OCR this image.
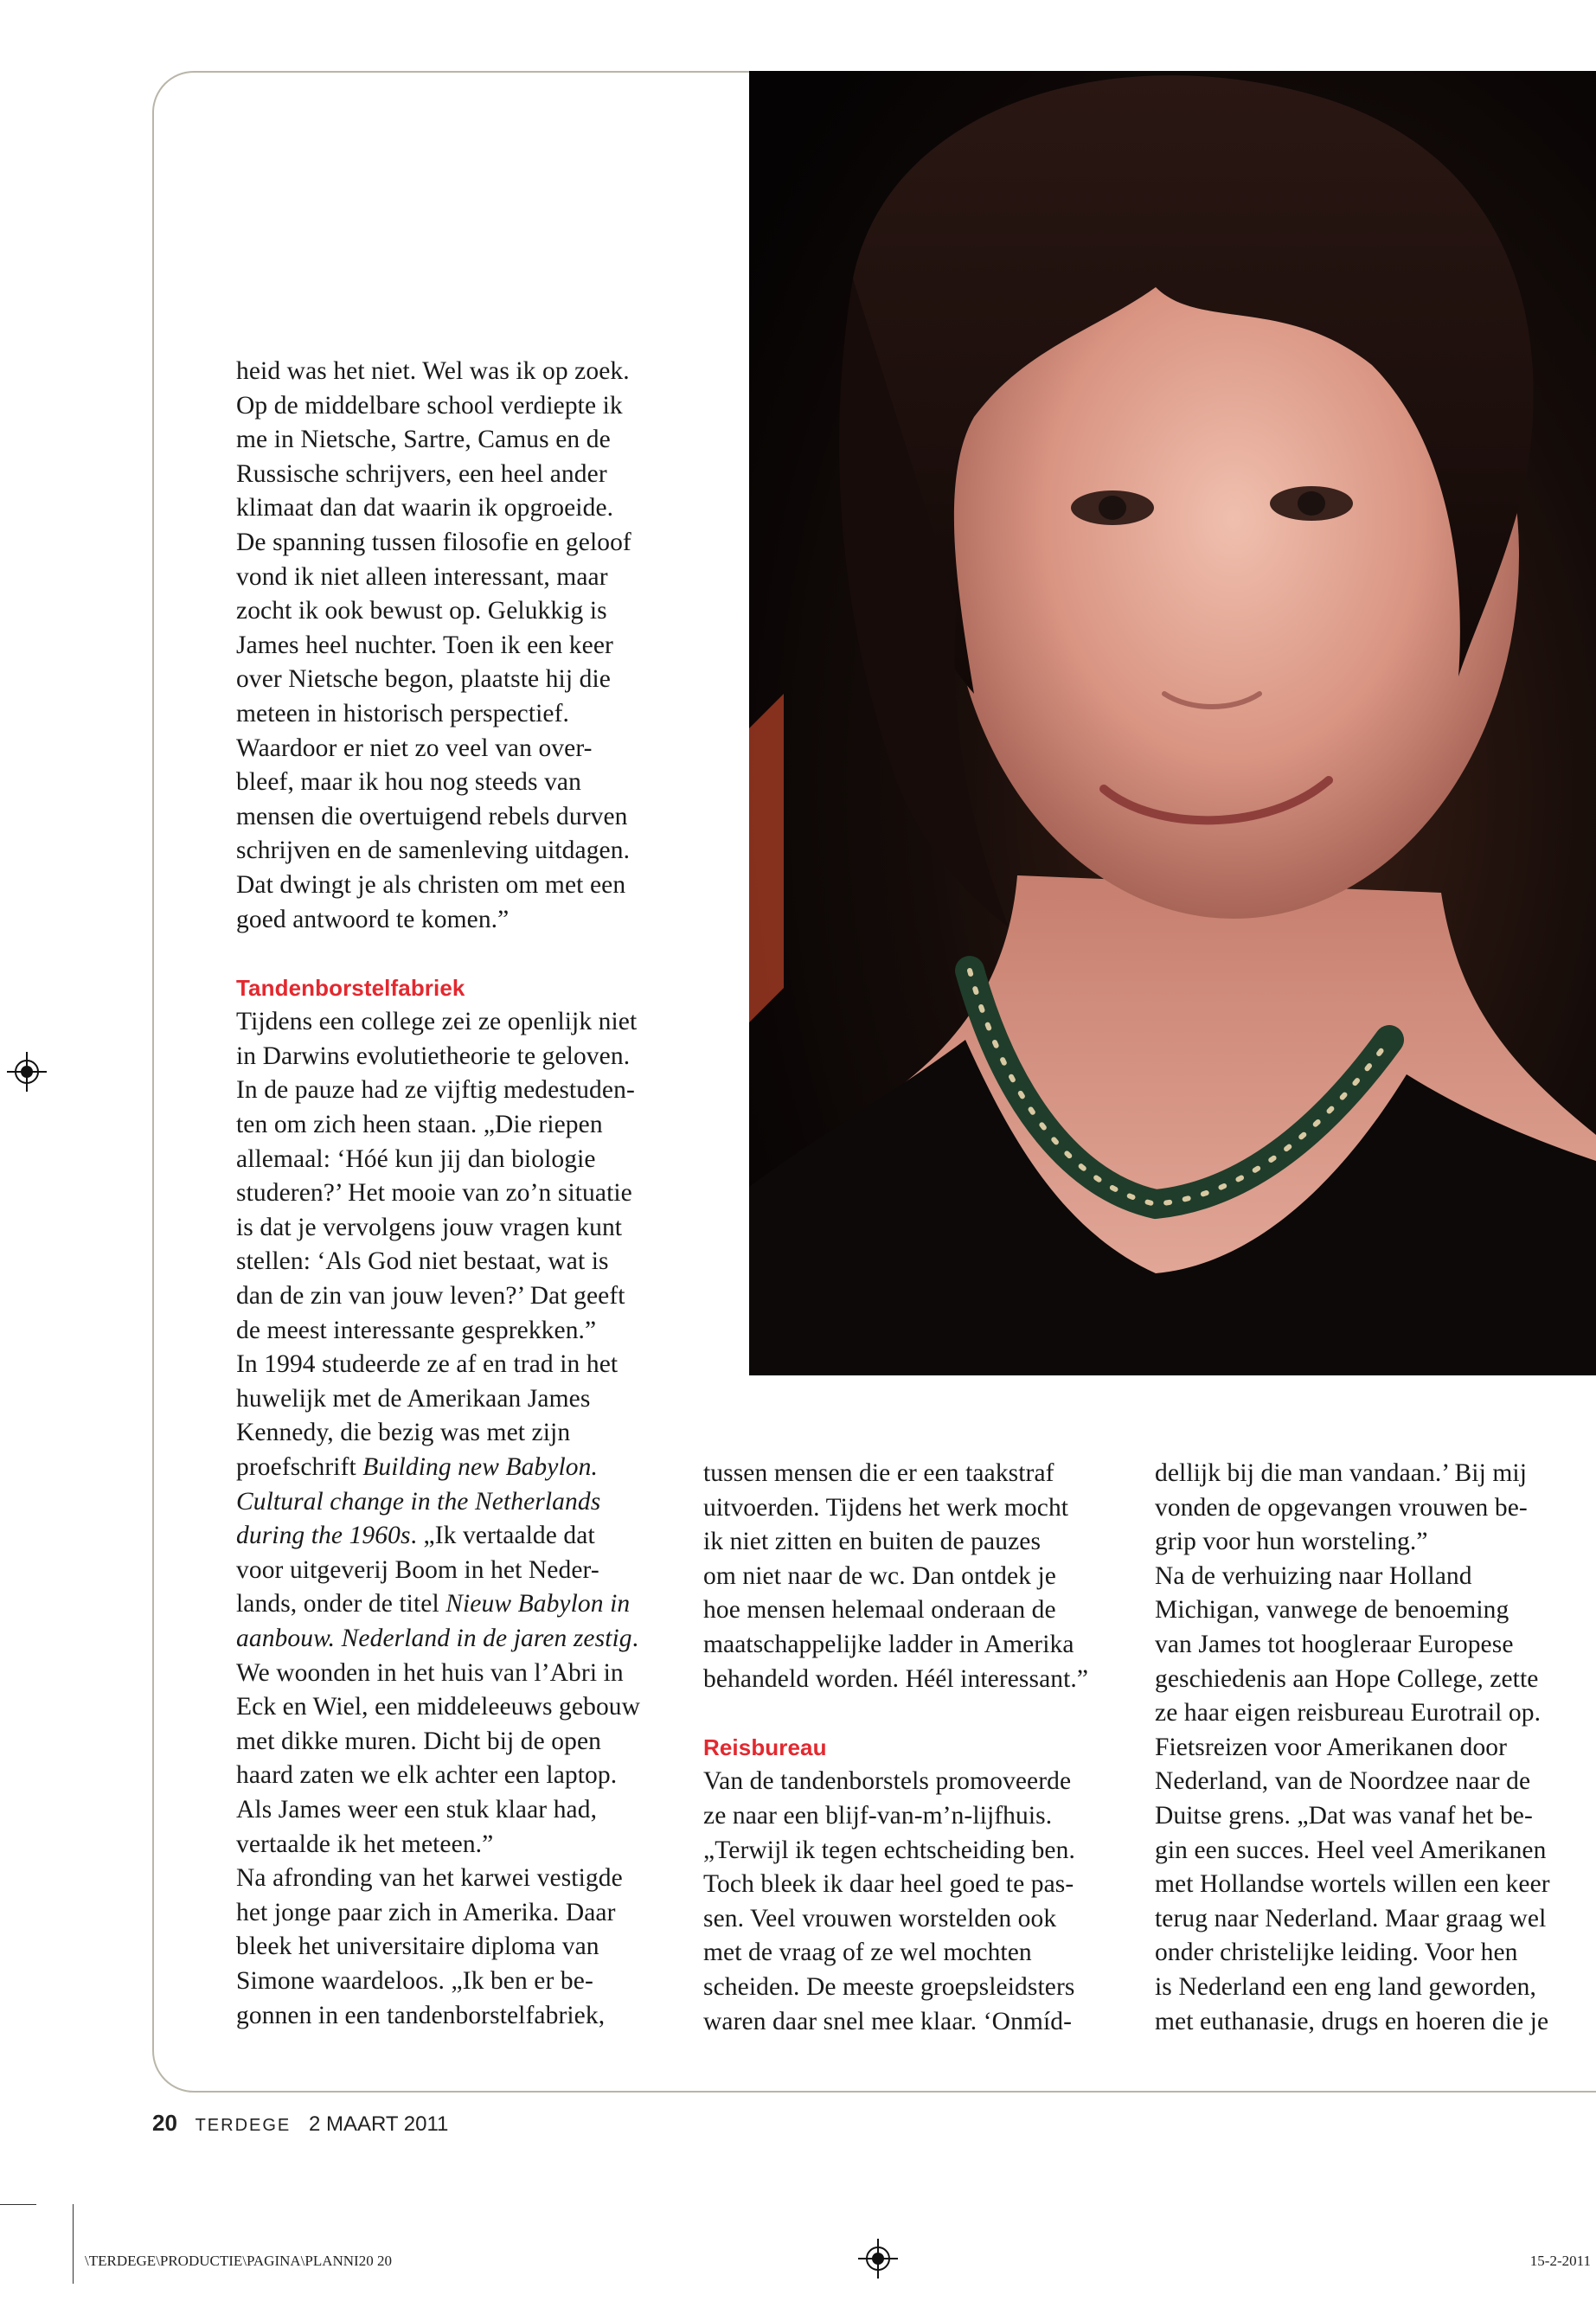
heid was het niet. Wel was ik op zoek.

Op de middelbare school verdiepte ik

me in Nietsche, Sartre, Camus en de

Russische schrijvers, een heel ander

klimaat dan dat waarin ik opgroeide.

De spanning tussen filosofie en geloof

vond ik niet alleen interessant, maar

zocht ik ook bewust op. Gelukkig is

James heel nuchter. Toen ik een keer

over Nietsche begon, plaatste hij die

meteen in historisch perspectief.

Waardoor er niet zo veel van over-

bleef, maar ik hou nog steeds van

mensen die overtuigend rebels durven

schrijven en de samenleving uitdagen.

Dat dwingt je als christen om met een

goed antwoord te komen.”

Tandenborstelfabriek

Tijdens een college zei ze openlijk niet

in Darwins evolutietheorie te geloven.

In de pauze had ze vijftig medestuden-

ten om zich heen staan. „Die riepen

allemaal: ‘Hóé kun jij dan biologie

studeren?’ Het mooie van zo’n situatie

is dat je vervolgens jouw vragen kunt

stellen: ‘Als God niet bestaat, wat is

dan de zin van jouw leven?’ Dat geeft

de meest interessante gesprekken.”

In 1994 studeerde ze af en trad in het

huwelijk met de Amerikaan James

Kennedy, die bezig was met zijn

proefschrift Building new Babylon.

Cultural change in the Netherlands

during the 1960s. „Ik vertaalde dat

voor uitgeverij Boom in het Neder-

lands, onder de titel Nieuw Babylon in

aanbouw. Nederland in de jaren zestig.

We woonden in het huis van l’Abri in

Eck en Wiel, een middeleeuws gebouw

met dikke muren. Dicht bij de open

haard zaten we elk achter een laptop.

Als James weer een stuk klaar had,

vertaalde ik het meteen.”

Na afronding van het karwei vestigde

het jonge paar zich in Amerika. Daar

bleek het universitaire diploma van

Simone waardeloos. „Ik ben er be-

gonnen in een tandenborstelfabriek,

tussen mensen die er een taakstraf

uitvoerden. Tijdens het werk mocht

ik niet zitten en buiten de pauzes

om niet naar de wc. Dan ontdek je

hoe mensen helemaal onderaan de

maatschappelijke ladder in Amerika

behandeld worden. Héél interessant.”

Reisbureau

Van de tandenborstels promoveerde

ze naar een blijf-van-m’n-lijfhuis.

„Terwijl ik tegen echtscheiding ben.

Toch bleek ik daar heel goed te pas-

sen. Veel vrouwen worstelden ook

met de vraag of ze wel mochten

scheiden. De meeste groepsleidsters

waren daar snel mee klaar. ‘Onmíd-

dellijk bij die man vandaan.’ Bij mij

vonden de opgevangen vrouwen be-

grip voor hun worsteling.”

Na de verhuizing naar Holland

Michigan, vanwege de benoeming

van James tot hoogleraar Europese

geschiedenis aan Hope College, zette

ze haar eigen reisbureau Eurotrail op.

Fietsreizen voor Amerikanen door

Nederland, van de Noordzee naar de

Duitse grens. „Dat was vanaf het be-

gin een succes. Heel veel Amerikanen

met Hollandse wortels willen een keer

terug naar Nederland. Maar graag wel

onder christelijke leiding. Voor hen

is Nederland een eng land geworden,

met euthanasie, drugs en hoeren die je

20 TERDEGE 2 MAART 2011
\TERDEGE\PRODUCTIE\PAGINA\PLANNI20 20	15-2-2011
